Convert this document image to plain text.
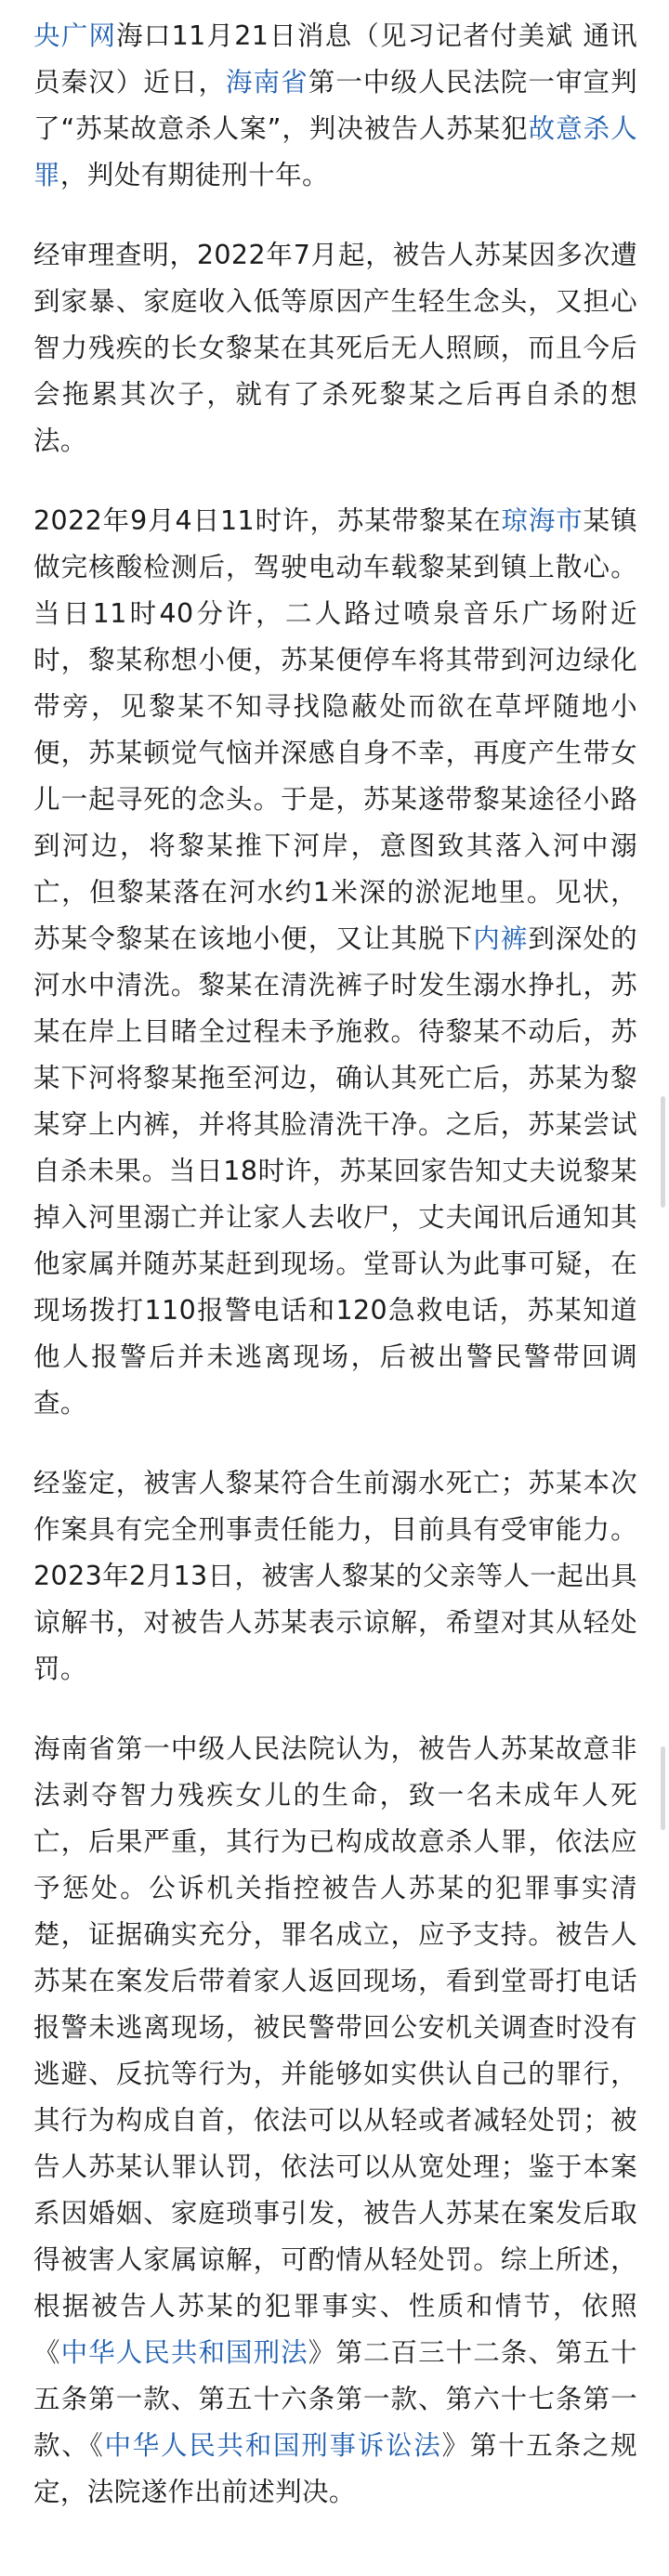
央广网海口11月21日消息（见习记者付美斌 通讯员秦汉）近日，海南省第一中级人民法院一审宣判了“苏某故意杀人案”，判决被告人苏某犯故意杀人罪，判处有期徒刑十年。

经审理查明，2022年7月起，被告人苏某因多次遭到家暴、家庭收入低等原因产生轻生念头，又担心智力残疾的长女黎某在其死后无人照顾，而且今后会拖累其次子，就有了杀死黎某之后再自杀的想法。

2022年9月4日11时许，苏某带黎某在琼海市某镇做完核酸检测后，驾驶电动车载黎某到镇上散心。当日11时40分许，二人路过喷泉音乐广场附近时，黎某称想小便，苏某便停车将其带到河边绿化带旁，见黎某不知寻找隐蔽处而欲在草坪随地小便，苏某顿觉气恼并深感自身不幸，再度产生带女儿一起寻死的念头。于是，苏某遂带黎某途径小路到河边，将黎某推下河岸，意图致其落入河中溺亡，但黎某落在河水约1米深的淤泥地里。见状，苏某令黎某在该地小便，又让其脱下内裤到深处的河水中清洗。黎某在清洗裤子时发生溺水挣扎，苏某在岸上目睹全过程未予施救。待黎某不动后，苏某下河将黎某拖至河边，确认其死亡后，苏某为黎某穿上内裤，并将其脸清洗干净。之后，苏某尝试自杀未果。当日18时许，苏某回家告知丈夫说黎某掉入河里溺亡并让家人去收尸，丈夫闻讯后通知其他家属并随苏某赶到现场。堂哥认为此事可疑，在现场拨打110报警电话和120急救电话，苏某知道他人报警后并未逃离现场，后被出警民警带回调查。

经鉴定，被害人黎某符合生前溺水死亡；苏某本次作案具有完全刑事责任能力，目前具有受审能力。2023年2月13日，被害人黎某的父亲等人一起出具谅解书，对被告人苏某表示谅解，希望对其从轻处罚。

海南省第一中级人民法院认为，被告人苏某故意非法剥夺智力残疾女儿的生命，致一名未成年人死亡，后果严重，其行为已构成故意杀人罪，依法应予惩处。公诉机关指控被告人苏某的犯罪事实清楚，证据确实充分，罪名成立，应予支持。被告人苏某在案发后带着家人返回现场，看到堂哥打电话报警未逃离现场，被民警带回公安机关调查时没有逃避、反抗等行为，并能够如实供认自己的罪行，其行为构成自首，依法可以从轻或者减轻处罚；被告人苏某认罪认罚，依法可以从宽处理；鉴于本案系因婚姻、家庭琐事引发，被告人苏某在案发后取得被害人家属谅解，可酌情从轻处罚。综上所述，根据被告人苏某的犯罪事实、性质和情节，依照《中华人民共和国刑法》第二百三十二条、第五十五条第一款、第五十六条第一款、第六十七条第一款、《中华人民共和国刑事诉讼法》第十五条之规定，法院遂作出前述判决。
